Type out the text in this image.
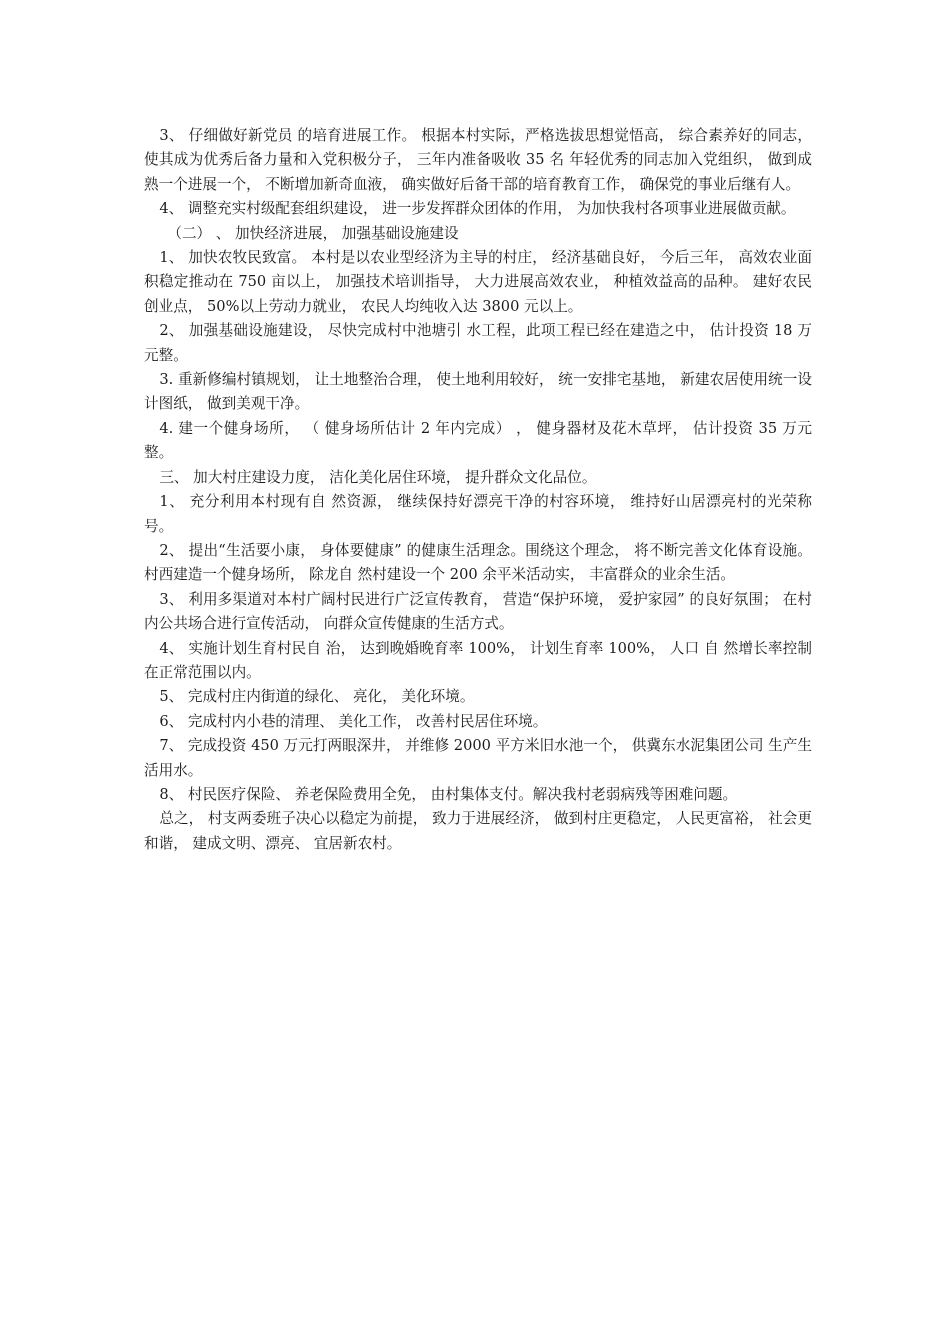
3、 仔细做好新党员 的培育进展工作。 根据本村实际，严格选拔思想觉悟高， 综合素养好的同志， 使其成为优秀后备力量和入党积极分子， 三年内准备吸收 35 名 年轻优秀的同志加入党组织， 做到成熟一个进展一个， 不断增加新奇血液， 确实做好后备干部的培育教育工作， 确保党的事业后继有人。

4、 调整充实村级配套组织建设， 进一步发挥群众团体的作用， 为加快我村各项事业进展做贡献。

（二） 、 加快经济进展， 加强基础设施建设

1、 加快农牧民致富。 本村是以农业型经济为主导的村庄， 经济基础良好， 今后三年， 高效农业面积稳定推动在 750 亩以上， 加强技术培训指导， 大力进展高效农业， 种植效益高的品种。 建好农民创业点， 50%以上劳动力就业， 农民人均纯收入达 3800 元以上。

2、 加强基础设施建设， 尽快完成村中池塘引 水工程，此项工程已经在建造之中， 估计投资 18 万元整。

3. 重新修编村镇规划， 让土地整治合理， 使土地利用较好， 统一安排宅基地， 新建农居使用统一设计图纸， 做到美观干净。

4. 建一个健身场所， （ 健身场所估计 2 年内完成） ， 健身器材及花木草坪， 估计投资 35 万元整。

三、 加大村庄建设力度， 洁化美化居住环境， 提升群众文化品位。

1、 充分利用本村现有自 然资源， 继续保持好漂亮干净的村容环境， 维持好山居漂亮村的光荣称号。

2、 提出“生活要小康， 身体要健康” 的健康生活理念。围绕这个理念， 将不断完善文化体育设施。 村西建造一个健身场所， 除龙自 然村建设一个 200 余平米活动实， 丰富群众的业余生活。

3、 利用多渠道对本村广阔村民进行广泛宣传教育， 营造“保护环境， 爱护家园” 的良好氛围； 在村内公共场合进行宣传活动， 向群众宣传健康的生活方式。

4、 实施计划生育村民自 治， 达到晚婚晚育率 100%， 计划生育率 100%， 人口 自 然增长率控制在正常范围以内。

5、 完成村庄内街道的绿化、 亮化， 美化环境。

6、 完成村内小巷的清理、 美化工作， 改善村民居住环境。

7、 完成投资 450 万元打两眼深井， 并维修 2000 平方米旧水池一个， 供冀东水泥集团公司 生产生活用水。

8、 村民医疗保险、 养老保险费用全免， 由村集体支付。解决我村老弱病残等困难问题。

总之， 村支两委班子决心以稳定为前提， 致力于进展经济， 做到村庄更稳定， 人民更富裕， 社会更和谐， 建成文明、漂亮、 宜居新农村。
